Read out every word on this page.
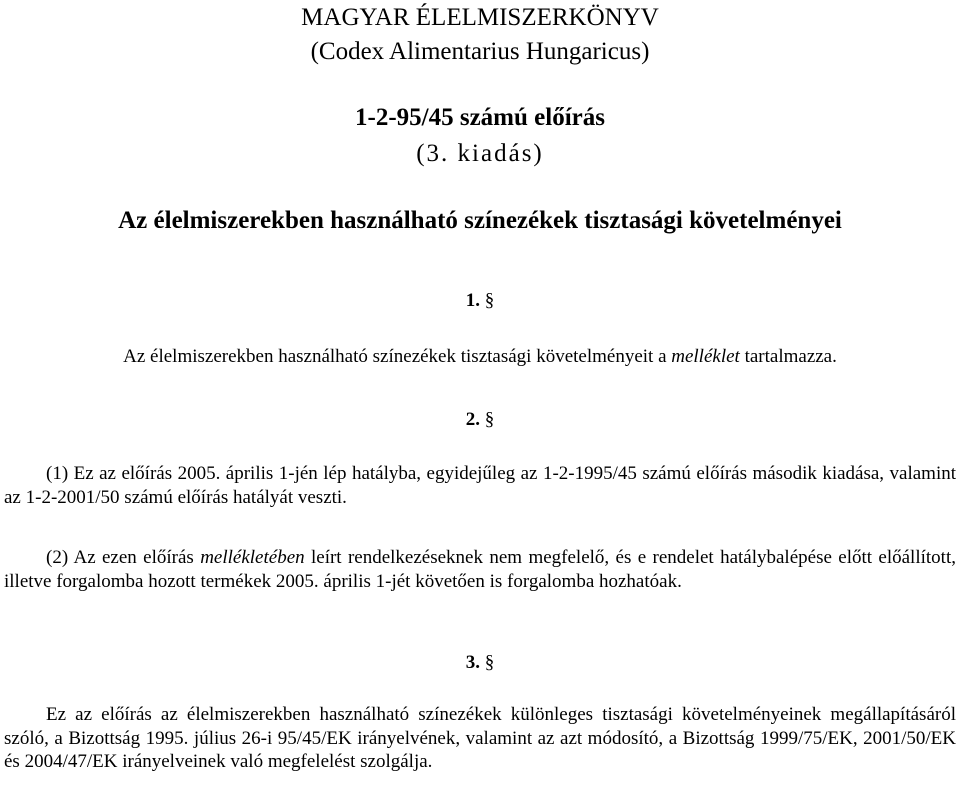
MAGYAR ÉLELMISZERKÖNYV
(Codex Alimentarius Hungaricus)
1-2-95/45 számú előírás
(3. kiadás)
Az élelmiszerekben használható színezékek tisztasági követelményei
1. §
Az élelmiszerekben használható színezékek tisztasági követelményeit a melléklet tartalmazza.
2. §
(1) Ez az előírás 2005. április 1-jén lép hatályba, egyidejűleg az 1-2-1995/45 számú előírás második kiadása, valamint az 1-2-2001/50 számú előírás hatályát veszti.
(2) Az ezen előírás mellékletében leírt rendelkezéseknek nem megfelelő, és e rendelet hatálybalépése előtt előállított, illetve forgalomba hozott termékek 2005. április 1-jét követően is forgalomba hozhatóak.
3. §
Ez az előírás az élelmiszerekben használható színezékek különleges tisztasági követelményeinek megállapításáról szóló, a Bizottság 1995. július 26-i 95/45/EK irányelvének, valamint az azt módosító, a Bizottság 1999/75/EK, 2001/50/EK és 2004/47/EK irányelveinek való megfelelést szolgálja.
